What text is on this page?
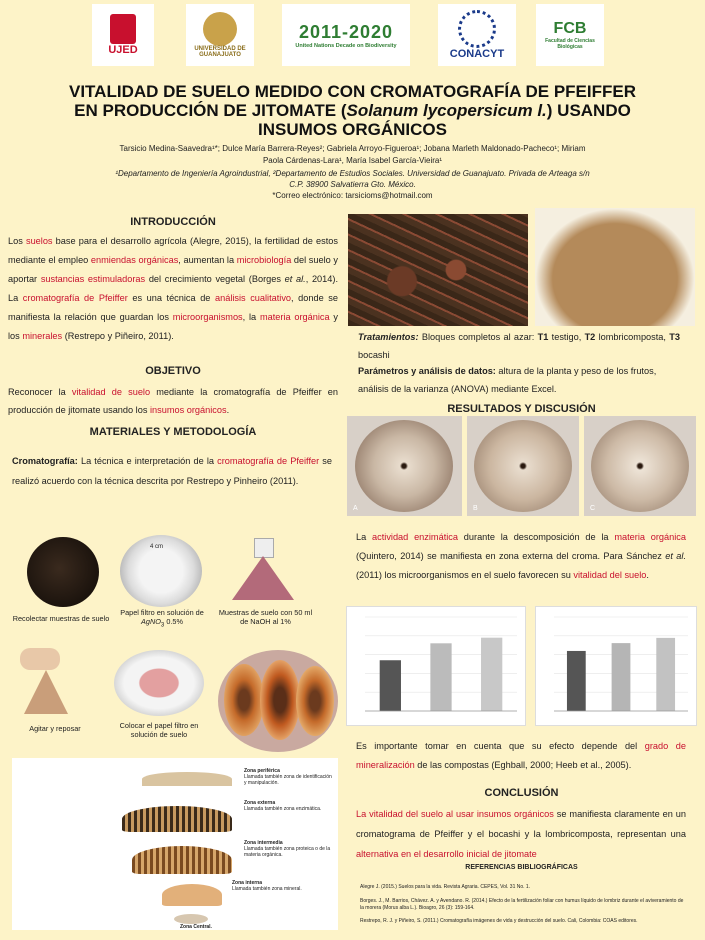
UJED	UNIVERSIDAD DE GUANAJUATO
2011-2020
United Nations Decade on Biodiversity
CONACYT
FCB
Facultad de Ciencias Biológicas
VITALIDAD DE SUELO MEDIDO CON CROMATOGRAFÍA DE PFEIFFER
EN PRODUCCIÓN DE JITOMATE (Solanum lycopersicum l.) USANDO
INSUMOS ORGÁNICOS
Tarsicio Medina-Saavedra¹*; Dulce María Barrera-Reyes²; Gabriela Arroyo-Figueroa¹; Jobana Marleth Maldonado-Pacheco¹; Miriam
Paola Cárdenas-Lara¹, María Isabel García-Vieira¹
¹Departamento de Ingeniería Agroindustrial, ²Departamento de Estudios Sociales. Universidad de Guanajuato. Privada de Arteaga s/n
C.P. 38900 Salvatierra Gto. México.
*Correo electrónico: tarsicioms@hotmail.com
INTRODUCCIÓN
Los suelos base para el desarrollo agrícola (Alegre, 2015), la fertilidad de estos mediante el empleo enmiendas orgánicas, aumentan la microbiología del suelo y aportar sustancias estimuladoras del crecimiento vegetal (Borges et al., 2014). La cromatografía de Pfeiffer es una técnica de análisis cualitativo, donde se manifiesta la relación que guardan los microorganismos, la materia orgánica y los minerales (Restrepo y Piñeiro, 2011).
OBJETIVO
Reconocer la vitalidad de suelo mediante la cromatografía de Pfeiffer en producción de jitomate usando los insumos orgánicos.
MATERIALES Y METODOLOGÍA
Cromatografía: La técnica e interpretación de la cromatografía de Pfeiffer se realizó acuerdo con la técnica descrita por Restrepo y Pinheiro (2011).
Recolectar muestras de suelo
4 cm
Papel filtro en solución de
AgNO$_3$ 0.5%
Muestras de suelo con 50 ml de NaOH al 1%
Agitar y reposar	Colocar el papel filtro en solución de suelo
Zona periférica
Llamada también zona de identificación y manipulación.
Zona externa
Llamada también zona enzimática.
Zona intermedia
Llamada también zona proteica o de la materia orgánica.
Zona interna
Llamada también zona mineral.
Zona Central.
Tratamientos: Bloques completos al azar: T1 testigo, T2 lombricomposta, T3 bocashi
Parámetros y análisis de datos: altura de la planta y peso de los frutos, análisis de la varianza (ANOVA) mediante Excel.
RESULTADOS Y DISCUSIÓN
A	B	C
La actividad enzimática durante la descomposición de la materia orgánica (Quintero, 2014) se manifiesta en zona externa del croma. Para Sánchez et al. (2011) los microorganismos en el suelo favorecen su vitalidad del suelo.
Es importante tomar en cuenta que su efecto depende del grado de mineralización de las compostas (Eghball, 2000; Heeb et al., 2005).
CONCLUSIÓN
La vitalidad del suelo al usar insumos orgánicos se manifiesta claramente en un cromatograma de Pfeiffer y el bocashi y la lombricomposta, representan una alternativa en el desarrollo inicial de jitomate
REFERENCIAS BIBLIOGRÁFICAS
Alegre J. (2015.) Suelos para la vida. Revista Agraria. CEPES, Vol. 31 No. 1.
Borges. J., M. Barrios, Chávez. A. y Avendano. R. (2014.) Efecto de la fertilización foliar con humus líquido de lombriz durante el aviveramiento de la morera (Morus alba L.). Bioagro, 26 (3): 159-164.
Restrepo, R. J. y Piñeiro, S. (2011.) Cromatografía imágenes de vida y destrucción del suelo. Cali, Colombia: COAS editores.
